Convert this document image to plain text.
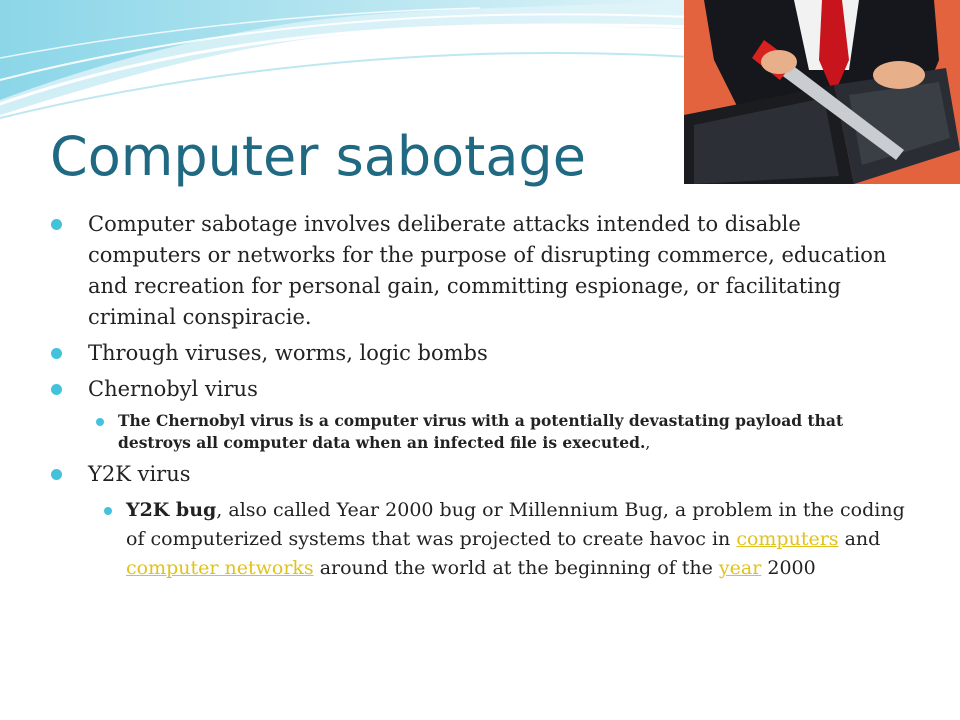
Computer sabotage
Computer sabotage involves deliberate attacks intended to disable computers or networks for the purpose of disrupting commerce, education and recreation for personal gain, committing espionage, or facilitating criminal conspiracie.
Through viruses, worms, logic bombs
Chernobyl virus
The Chernobyl virus is a computer virus with a potentially devastating payload that destroys all computer data when an infected file is executed.,
Y2K virus
Y2K bug, also called Year 2000 bug or Millennium Bug, a problem in the coding of computerized systems that was projected to create havoc in computers and computer networks around the world at the beginning of the year 2000
